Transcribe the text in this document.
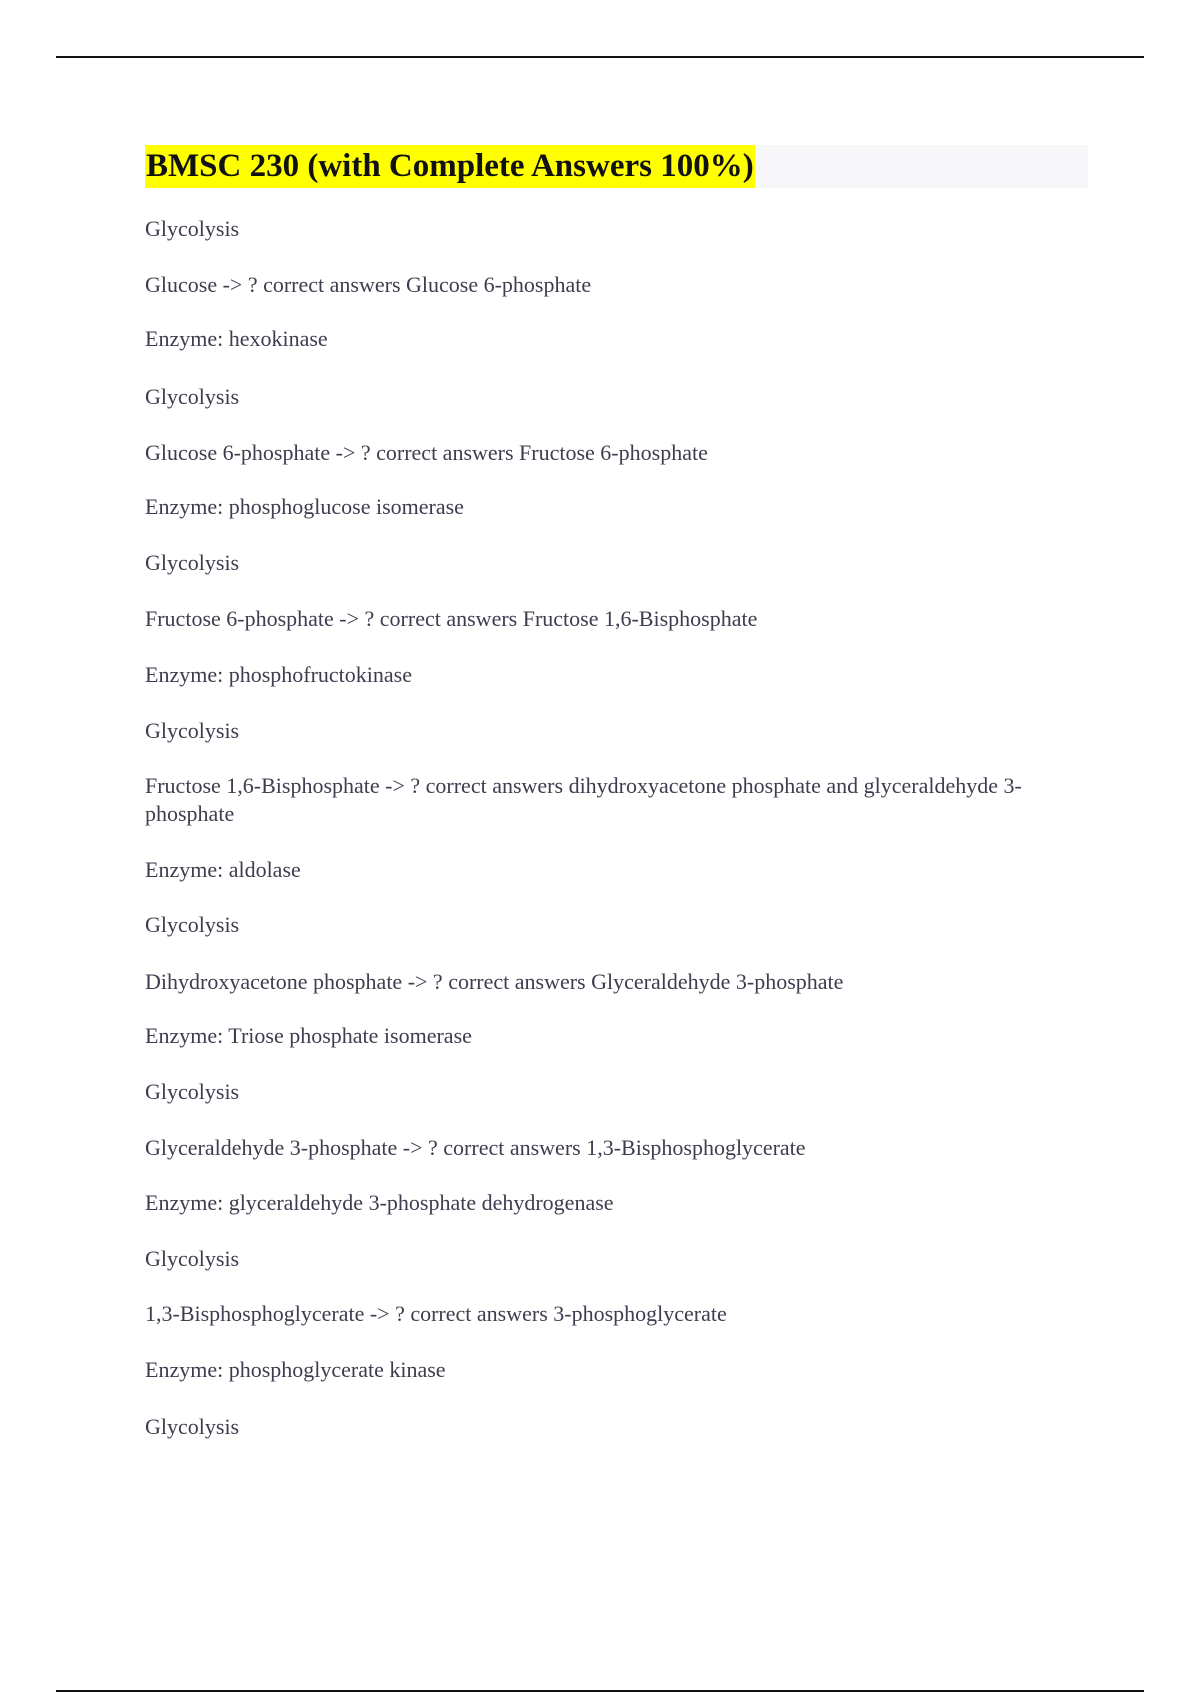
BMSC 230 (with Complete Answers 100%)

Glycolysis

Glucose -> ? correct answers Glucose 6-phosphate

Enzyme: hexokinase

Glycolysis

Glucose 6-phosphate -> ? correct answers Fructose 6-phosphate

Enzyme: phosphoglucose isomerase

Glycolysis

Fructose 6-phosphate -> ? correct answers Fructose 1,6-Bisphosphate

Enzyme: phosphofructokinase

Glycolysis

Fructose 1,6-Bisphosphate -> ? correct answers dihydroxyacetone phosphate and glyceraldehyde 3-phosphate

Enzyme: aldolase

Glycolysis

Dihydroxyacetone phosphate -> ? correct answers Glyceraldehyde 3-phosphate

Enzyme: Triose phosphate isomerase

Glycolysis

Glyceraldehyde 3-phosphate -> ? correct answers 1,3-Bisphosphoglycerate

Enzyme: glyceraldehyde 3-phosphate dehydrogenase

Glycolysis

1,3-Bisphosphoglycerate -> ? correct answers 3-phosphoglycerate

Enzyme: phosphoglycerate kinase

Glycolysis
